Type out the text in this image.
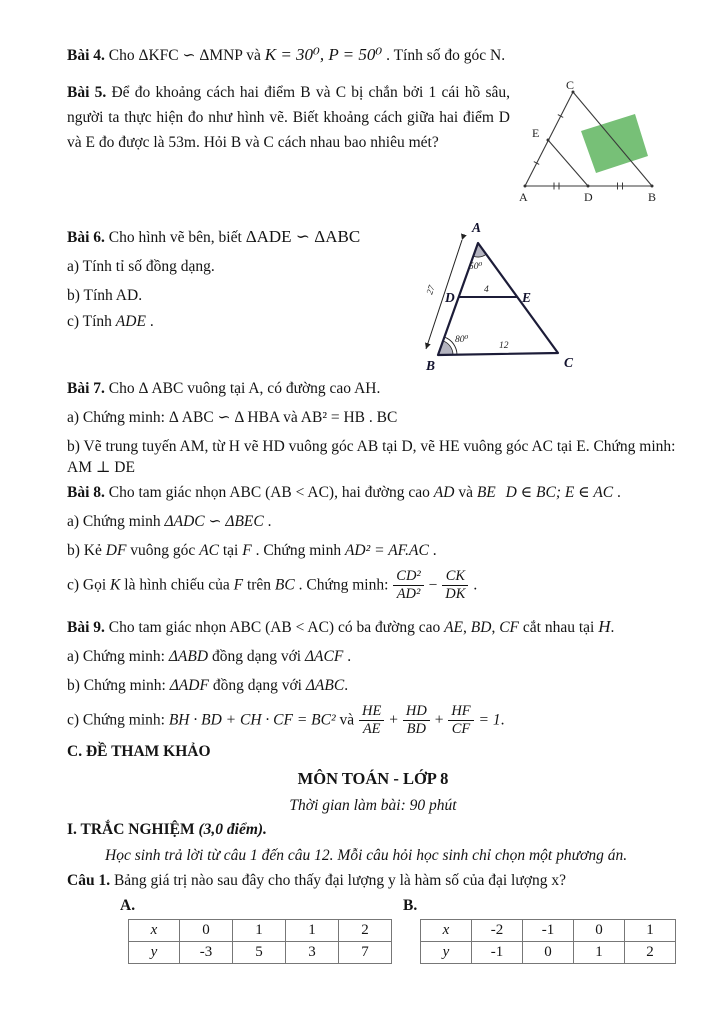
Bài 4. Cho ΔKFC ∽ ΔMNP và K = 30⁰, P = 50⁰ . Tính số đo góc N.

Bài 5. Để đo khoảng cách hai điểm B và C bị chắn bởi 1 cái hồ sâu, người ta thực hiện đo như hình vẽ. Biết khoảng cách giữa hai điểm D và E đo được là 53m. Hỏi B và C cách nhau bao nhiêu mét?

C
E
A	D	B

Bài 6. Cho hình vẽ bên, biết ΔADE ∽ ΔABC

a) Tính tỉ số đồng dạng.

b) Tính AD.

c) Tính ADE .

27
A
B	C
D	E
50⁰
80⁰
4
12

Bài 7. Cho Δ ABC vuông tại A, có đường cao AH.

a) Chứng minh: Δ ABC ∽ Δ HBA và AB² = HB . BC

b) Vẽ trung tuyến AM, từ H vẽ HD vuông góc AB tại D, vẽ HE vuông góc AC tại E. Chứng minh: AM ⊥ DE

Bài 8. Cho tam giác nhọn ABC (AB < AC), hai đường cao AD và BE D ∈ BC; E ∈ AC .

a) Chứng minh ΔADC ∽ ΔBEC .

b) Kẻ DF vuông góc AC tại F . Chứng minh AD² = AF.AC .

c) Gọi K là hình chiếu của F trên BC . Chứng minh: $\frac{\text{CD²}}{\text{AD²}} - \frac{CK}{DK}$ .

Bài 9. Cho tam giác nhọn ABC (AB < AC) có ba đường cao AE, BD, CF cắt nhau tại H.

a) Chứng minh: ΔABD đồng dạng với ΔACF .

b) Chứng minh: ΔADF đồng dạng với ΔABC.

c) Chứng minh: BH · BD + CH · CF = BC² và $\frac{HE}{AE} + \frac{HD}{BD} + \frac{HF}{CF} = 1$.

C. ĐỀ THAM KHẢO

MÔN TOÁN - LỚP 8

Thời gian làm bài: 90 phút

I. TRẮC NGHIỆM (3,0 điểm).

Học sinh trả lời từ câu 1 đến câu 12. Mỗi câu hỏi học sinh chỉ chọn một phương án.

Câu 1. Bảng giá trị nào sau đây cho thấy đại lượng y là hàm số của đại lượng x?

A.
x	0	1	1	2
y	-3	5	3	7
B.
x	-2	-1	0	1
y	-1	0	1	2
